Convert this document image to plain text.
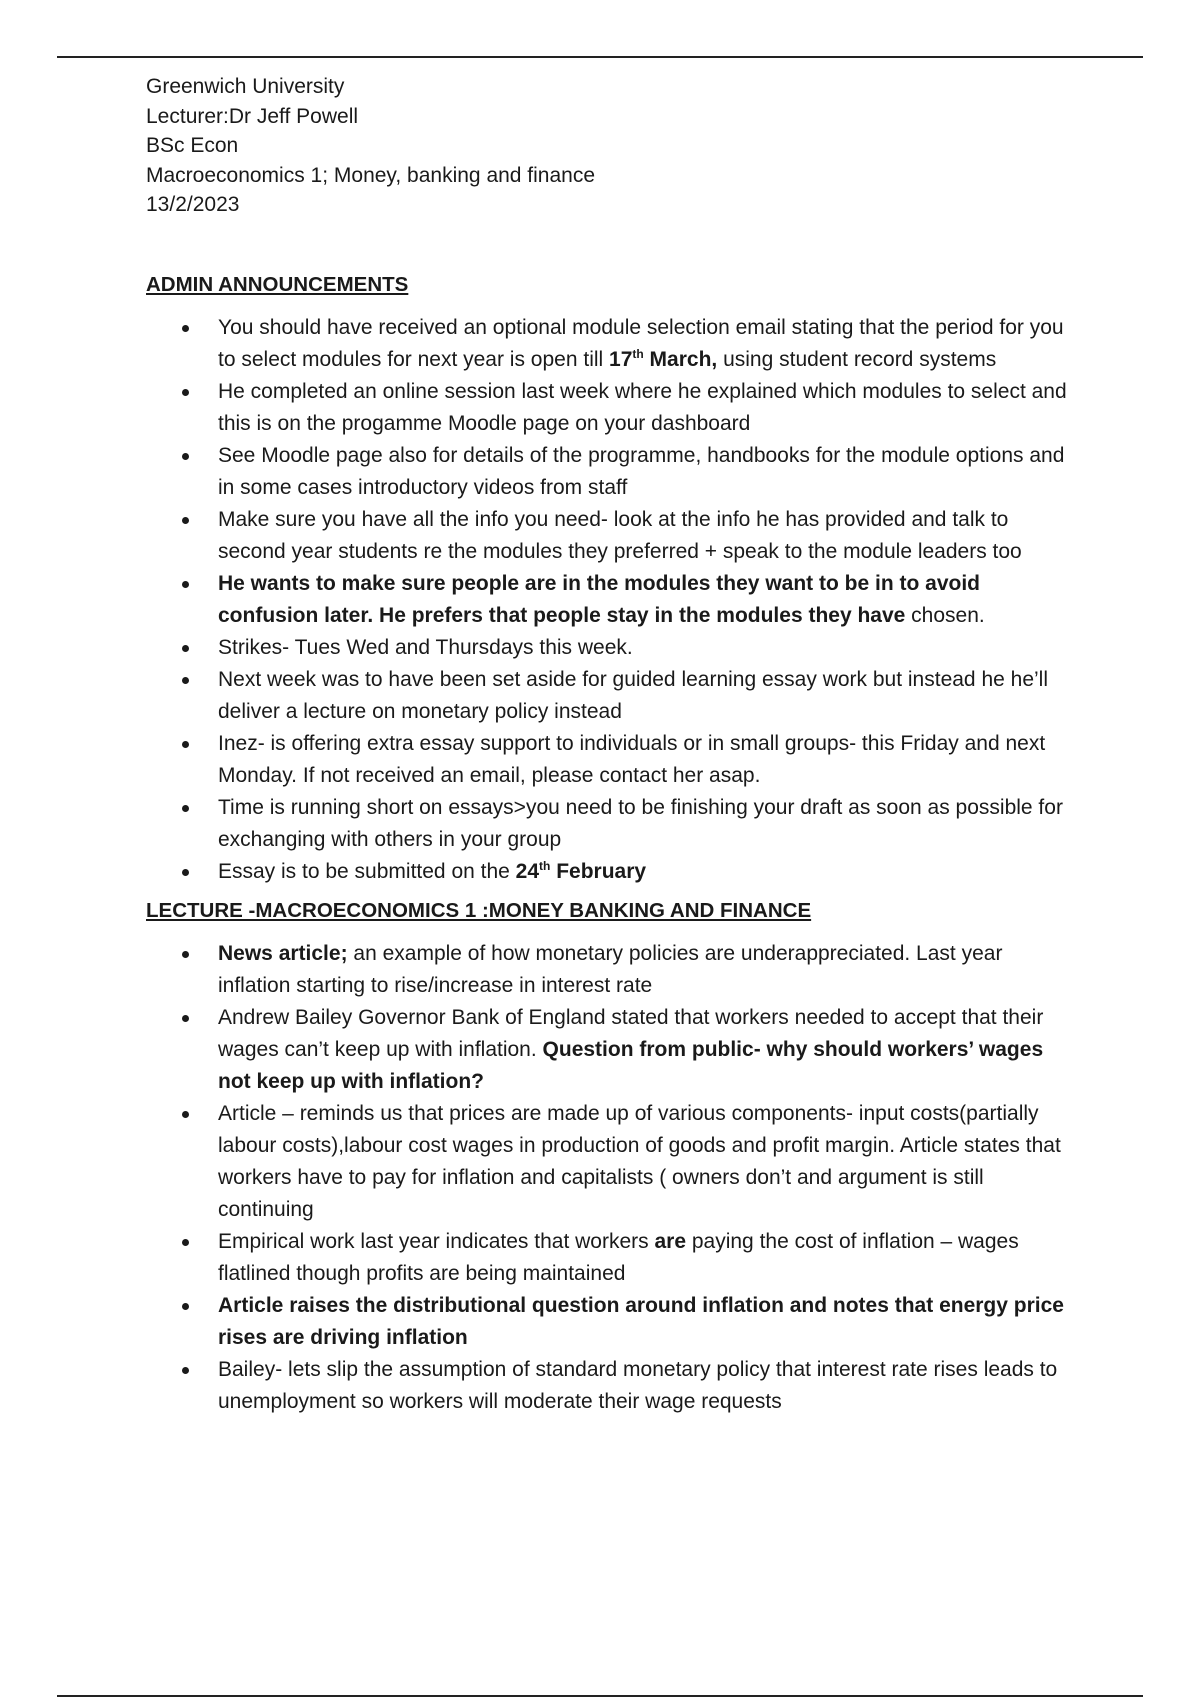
Greenwich University
Lecturer:Dr Jeff Powell
BSc Econ
Macroeconomics 1; Money, banking and finance
13/2/2023
ADMIN ANNOUNCEMENTS
You should have received an optional module selection email stating that the period for you to select modules for next year is open till 17th March, using student record systems
He completed an online session last week where he explained which modules to select and this is on the progamme Moodle page on your dashboard
See Moodle page also for details of the programme, handbooks for the module options and in some cases introductory videos from staff
Make sure you have all the info you need- look at the info he has provided and talk to second year students re the modules they preferred + speak to the module leaders too
He wants to make sure people are in the modules they want to be in to avoid confusion later. He prefers that people stay in the modules they have chosen.
Strikes- Tues Wed and Thursdays this week.
Next week was to have been set aside for guided learning essay work but instead he he’ll deliver a lecture on monetary policy instead
Inez- is offering extra essay support to individuals or in small groups- this Friday and next Monday. If not received an email, please contact her asap.
Time is running short on essays>you need to be finishing your draft as soon as possible for exchanging with others in your group
Essay is to be submitted on the 24th February
LECTURE -MACROECONOMICS 1 :MONEY BANKING AND FINANCE
News article; an example of how monetary policies are underappreciated. Last year inflation starting to rise/increase in interest rate
Andrew Bailey Governor Bank of England stated that workers needed to accept that their wages can’t keep up with inflation. Question from public- why should workers’ wages not keep up with inflation?
Article – reminds us that prices are made up of various components- input costs(partially labour costs),labour cost wages in production of goods and profit margin. Article states that workers have to pay for inflation and capitalists ( owners don’t and argument is still continuing
Empirical work last year indicates that workers are paying the cost of inflation – wages flatlined though profits are being maintained
Article raises the distributional question around inflation and notes that energy price rises are driving inflation
Bailey- lets slip the assumption of standard monetary policy that interest rate rises leads to unemployment so workers will moderate their wage requests
